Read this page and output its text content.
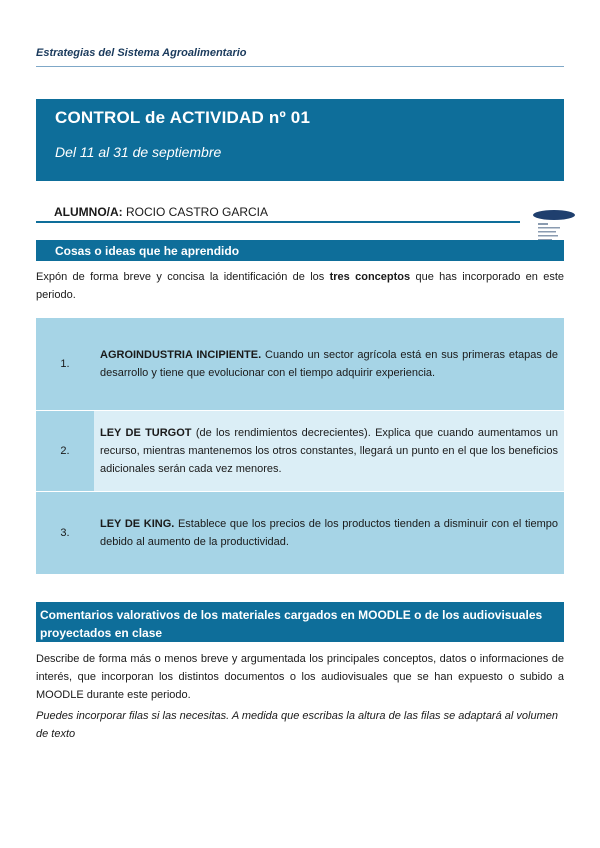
Estrategias del Sistema Agroalimentario
CONTROL de ACTIVIDAD nº 01
Del 11 al 31 de septiembre
ALUMNO/A: ROCIO CASTRO GARCIA
Cosas o ideas que he aprendido
Expón de forma breve y concisa la identificación de los tres conceptos que has incorporado en este periodo.
1.
AGROINDUSTRIA INCIPIENTE. Cuando un sector agrícola está en sus primeras etapas de desarrollo y tiene que evolucionar con el tiempo adquirir experiencia.
2.
LEY DE TURGOT (de los rendimientos decrecientes). Explica que cuando aumentamos un recurso, mientras mantenemos los otros constantes, llegará un punto en el que los beneficios adicionales serán cada vez menores.
3.
LEY DE KING. Establece que los precios de los productos tienden a disminuir con el tiempo debido al aumento de la productividad.
Comentarios valorativos de los materiales cargados en MOODLE o de los audiovisuales proyectados en clase
Describe de forma más o menos breve y argumentada los principales conceptos, datos o informaciones de interés, que incorporan los distintos documentos o los audiovisuales que se han expuesto o subido a MOODLE durante este periodo.
Puedes incorporar filas si las necesitas. A medida que escribas la altura de las filas se adaptará al volumen de texto
